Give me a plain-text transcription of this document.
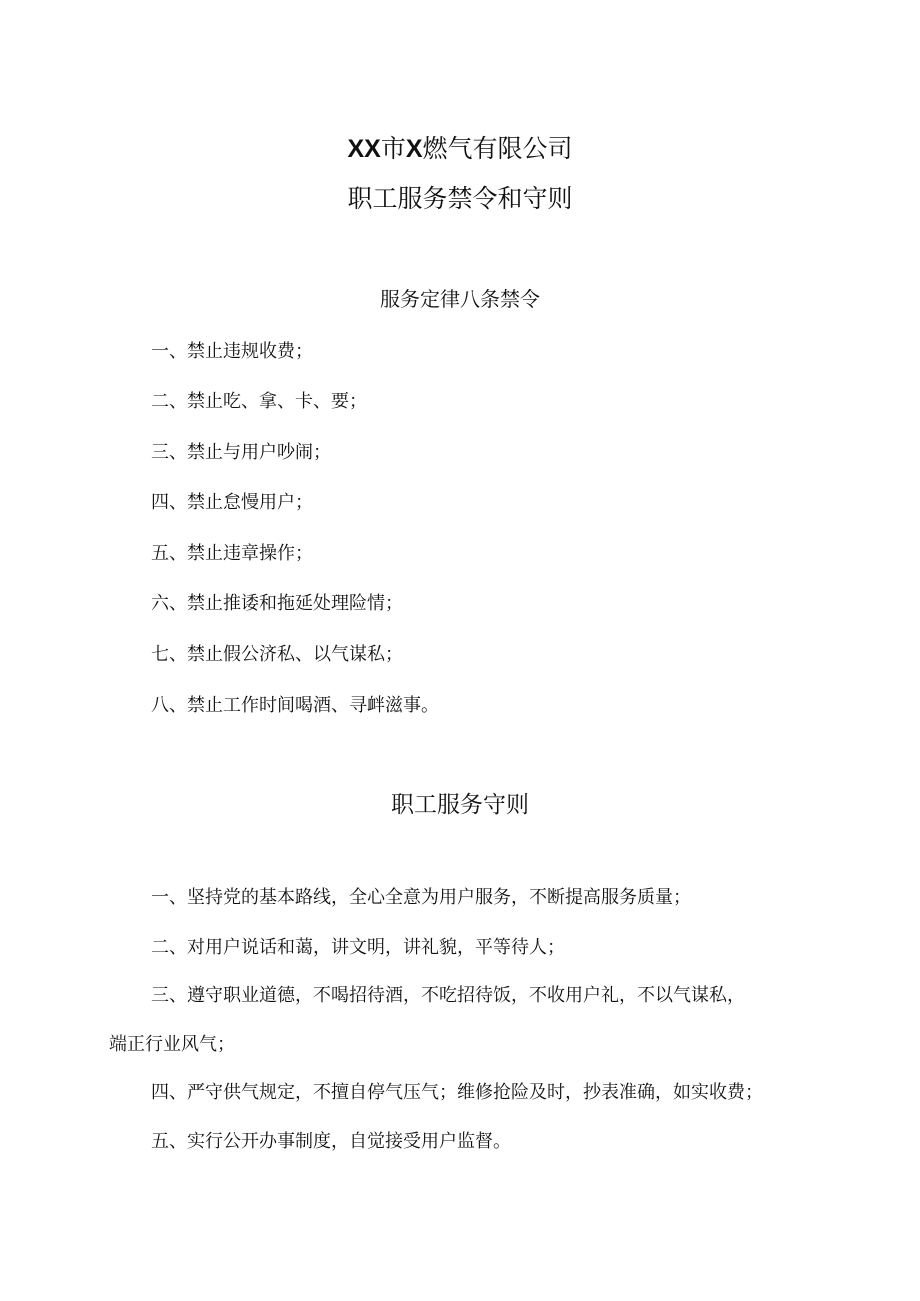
XX市X燃气有限公司
职工服务禁令和守则
服务定律八条禁令
一、禁止违规收费；
二、禁止吃、拿、卡、要；
三、禁止与用户吵闹；
四、禁止怠慢用户；
五、禁止违章操作；
六、禁止推诿和拖延处理险情；
七、禁止假公济私、以气谋私；
八、禁止工作时间喝酒、寻衅滋事。
职工服务守则
一、坚持党的基本路线，全心全意为用户服务，不断提高服务质量；
二、对用户说话和蔼，讲文明，讲礼貌，平等待人；
三、遵守职业道德，不喝招待酒，不吃招待饭，不收用户礼，不以气谋私，
端正行业风气；
四、严守供气规定，不擅自停气压气；维修抢险及时，抄表准确，如实收费；
五、实行公开办事制度，自觉接受用户监督。
